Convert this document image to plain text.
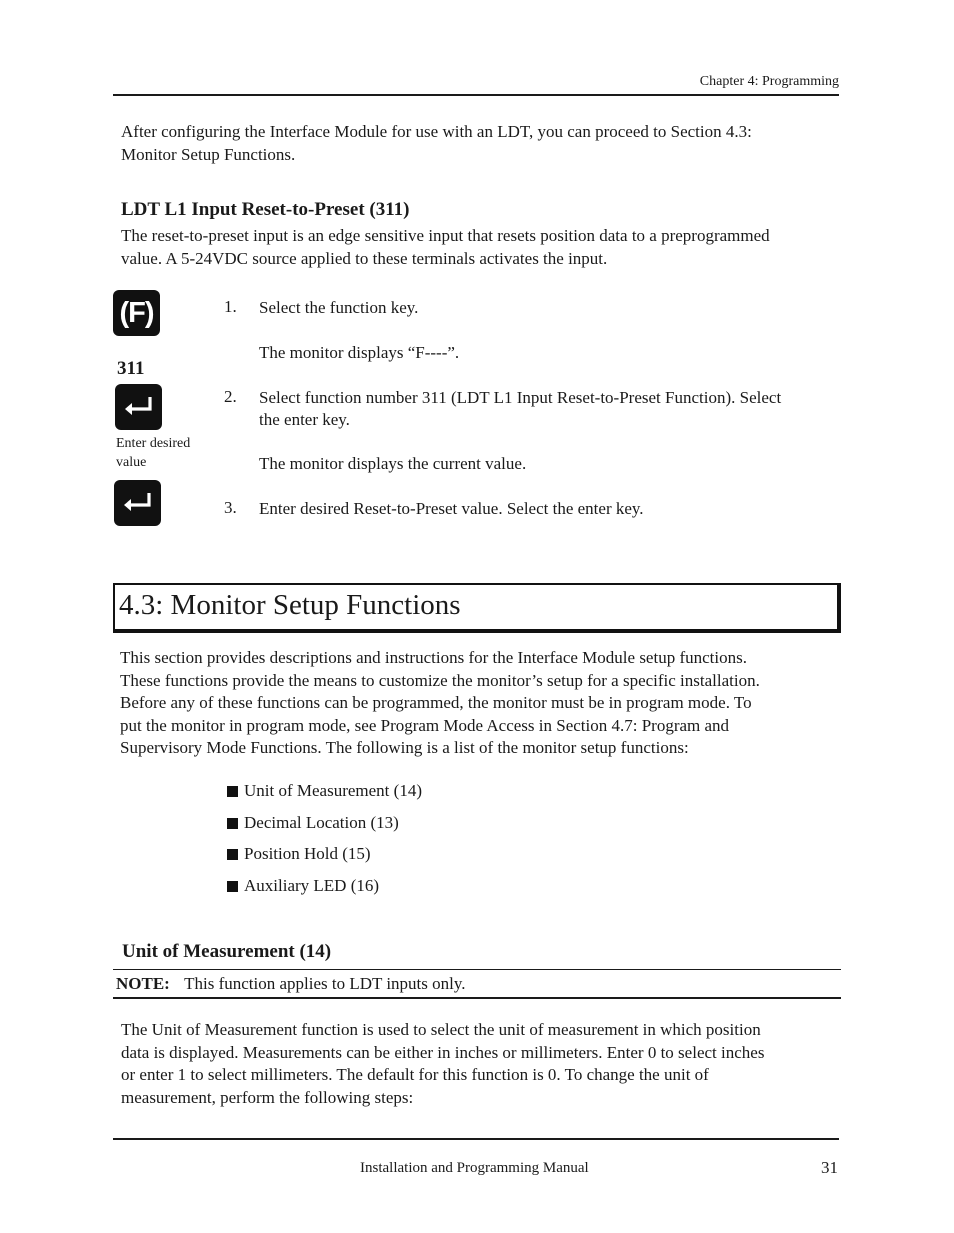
Chapter 4: Programming
After configuring the Interface Module for use with an LDT, you can proceed to Section 4.3:
Monitor Setup Functions.
LDT L1 Input Reset-to-Preset (311)
The reset-to-preset input is an edge sensitive input that resets position data to a preprogrammed
value. A 5-24VDC source applied to these terminals activates the input.
(F)
311
Enter desired
value
1. Select the function key.
The monitor displays “F----”.
2. Select function number 311 (LDT L1 Input Reset-to-Preset Function). Select
the enter key.
The monitor displays the current value.
3. Enter desired Reset-to-Preset value. Select the enter key.
4.3: Monitor Setup Functions
This section provides descriptions and instructions for the Interface Module setup functions.
These functions provide the means to customize the monitor’s setup for a specific installation.
Before any of these functions can be programmed, the monitor must be in program mode. To
put the monitor in program mode, see Program Mode Access in Section 4.7: Program and
Supervisory Mode Functions. The following is a list of the monitor setup functions:
Unit of Measurement (14)
Decimal Location (13)
Position Hold (15)
Auxiliary LED (16)
Unit of Measurement (14)
NOTE: This function applies to LDT inputs only.
The Unit of Measurement function is used to select the unit of measurement in which position
data is displayed. Measurements can be either in inches or millimeters. Enter 0 to select inches
or enter 1 to select millimeters. The default for this function is 0. To change the unit of
measurement, perform the following steps:
Installation and Programming Manual	31
